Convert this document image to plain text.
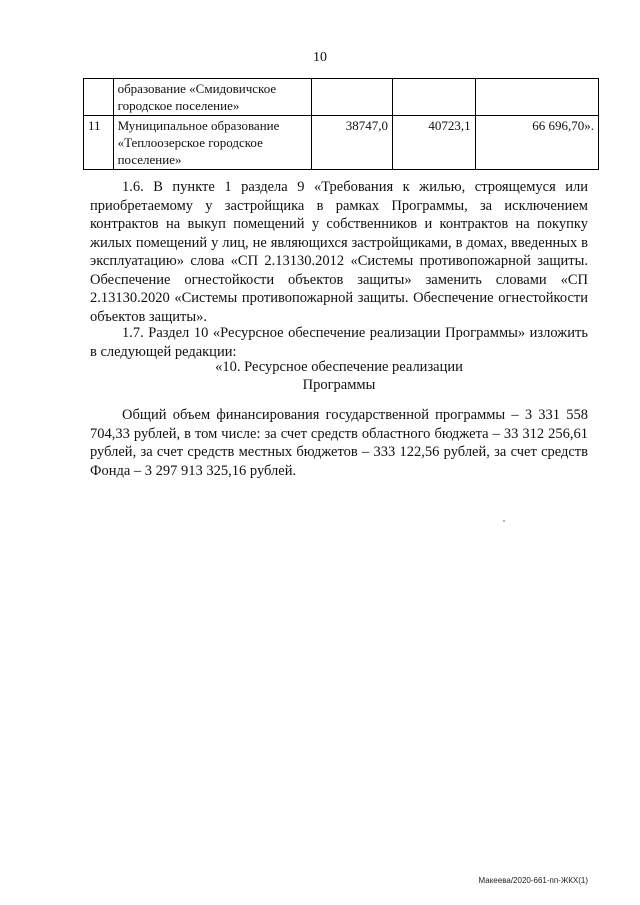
10
	образование «Смидовичское городское поселение»			
11	Муниципальное образование «Теплоозерское городское поселение»	38747,0	40723,1	66 696,70».
1.6. В пункте 1 раздела 9 «Требования к жилью, строящемуся или приобретаемому у застройщика в рамках Программы, за исключением контрактов на выкуп помещений у собственников и контрактов на покупку жилых помещений у лиц, не являющихся застройщиками, в домах, введенных в эксплуатацию» слова «СП 2.13130.2012 «Системы противопожарной защиты. Обеспечение огнестойкости объектов защиты» заменить словами «СП 2.13130.2020 «Системы противопожарной защиты. Обеспечение огнестойкости объектов защиты».
1.7. Раздел 10 «Ресурсное обеспечение реализации Программы» изложить в следующей редакции:
«10. Ресурсное обеспечение реализации
Программы
Общий объем финансирования государственной программы – 3 331 558 704,33 рублей, в том числе: за счет средств областного бюджета – 33 312 256,61 рублей, за счет средств местных бюджетов – 333 122,56 рублей, за счет средств Фонда – 3 297 913 325,16 рублей.
Макеева/2020-661-пп-ЖКХ(1)
